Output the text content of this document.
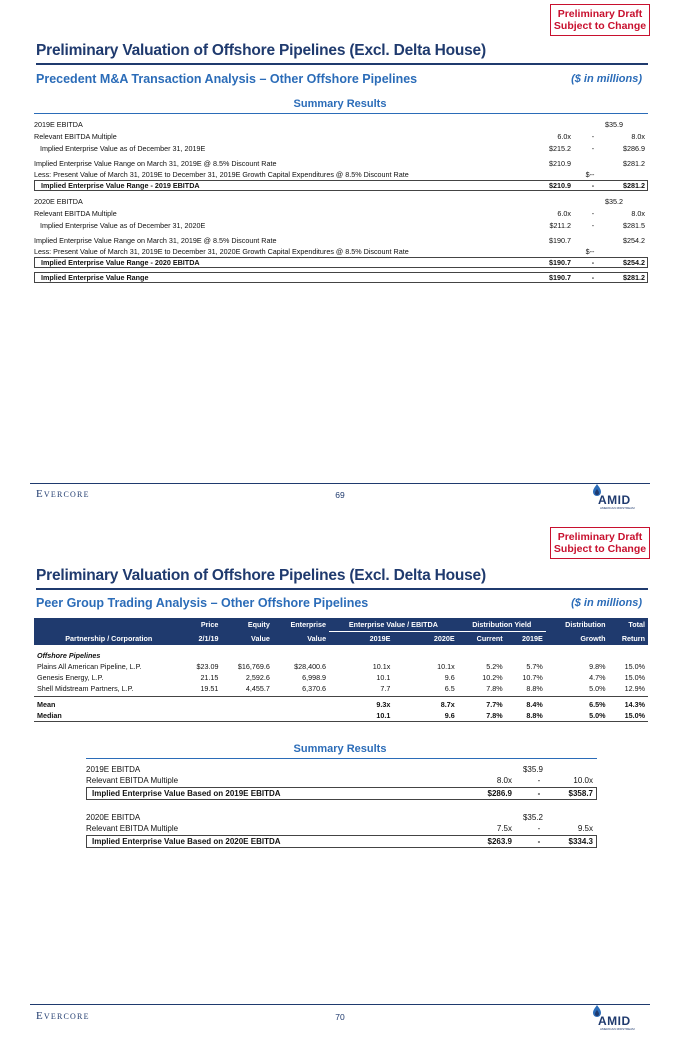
Preliminary Draft
Subject to Change
Preliminary Valuation of Offshore Pipelines (Excl. Delta House)
Precedent M&A Transaction Analysis – Other Offshore Pipelines	($ in millions)
Summary Results
2019E EBITDA	$35.9
Relevant EBITDA Multiple	6.0x	-	8.0x
Implied Enterprise Value as of December 31, 2019E	$215.2	-	$286.9
Implied Enterprise Value Range on March 31, 2019E @ 8.5% Discount Rate	$210.9	$281.2
Less: Present Value of March 31, 2019E to December 31, 2019E Growth Capital Expenditures @ 8.5% Discount Rate	$--
Implied Enterprise Value Range - 2019 EBITDA	$210.9	-	$281.2
2020E EBITDA	$35.2
Relevant EBITDA Multiple	6.0x	-	8.0x
Implied Enterprise Value as of December 31, 2020E	$211.2	-	$281.5
Implied Enterprise Value Range on March 31, 2019E @ 8.5% Discount Rate	$190.7	$254.2
Less: Present Value of March 31, 2019E to December 31, 2020E Growth Capital Expenditures @ 8.5% Discount Rate	$--
Implied Enterprise Value Range - 2020 EBITDA	$190.7	-	$254.2
Implied Enterprise Value Range	$190.7	-	$281.2
Evercore	69	AMID
AMERICAN MIDSTREAM
Preliminary Draft
Subject to Change
Preliminary Valuation of Offshore Pipelines (Excl. Delta House)
Peer Group Trading Analysis – Other Offshore Pipelines	($ in millions)
	Price	Equity	Enterprise	Enterprise Value / EBITDA		Distribution Yield		Distribution	Total
Partnership / Corporation	2/1/19	Value	Value	2019E	2020E	Current	2019E	Growth	Return
Offshore Pipelines									
Plains All American Pipeline, L.P.	$23.09	$16,769.6	$28,400.6	10.1x	10.1x	5.2%	5.7%	9.8%	15.0%
Genesis Energy, L.P.	21.15	2,592.6	6,998.9	10.1	9.6	10.2%	10.7%	4.7%	15.0%
Shell Midstream Partners, L.P.	19.51	4,455.7	6,370.6	7.7	6.5	7.8%	8.8%	5.0%	12.9%

Mean				9.3x	8.7x	7.7%	8.4%	6.5%	14.3%
Median				10.1	9.6	7.8%	8.8%	5.0%	15.0%
Summary Results
2019E EBITDA	$35.9
Relevant EBITDA Multiple	8.0x	-	10.0x
Implied Enterprise Value Based on 2019E EBITDA	$286.9	-	$358.7
2020E EBITDA	$35.2
Relevant EBITDA Multiple	7.5x	-	9.5x
Implied Enterprise Value Based on 2020E EBITDA	$263.9	-	$334.3
Evercore	70	AMID
AMERICAN MIDSTREAM
